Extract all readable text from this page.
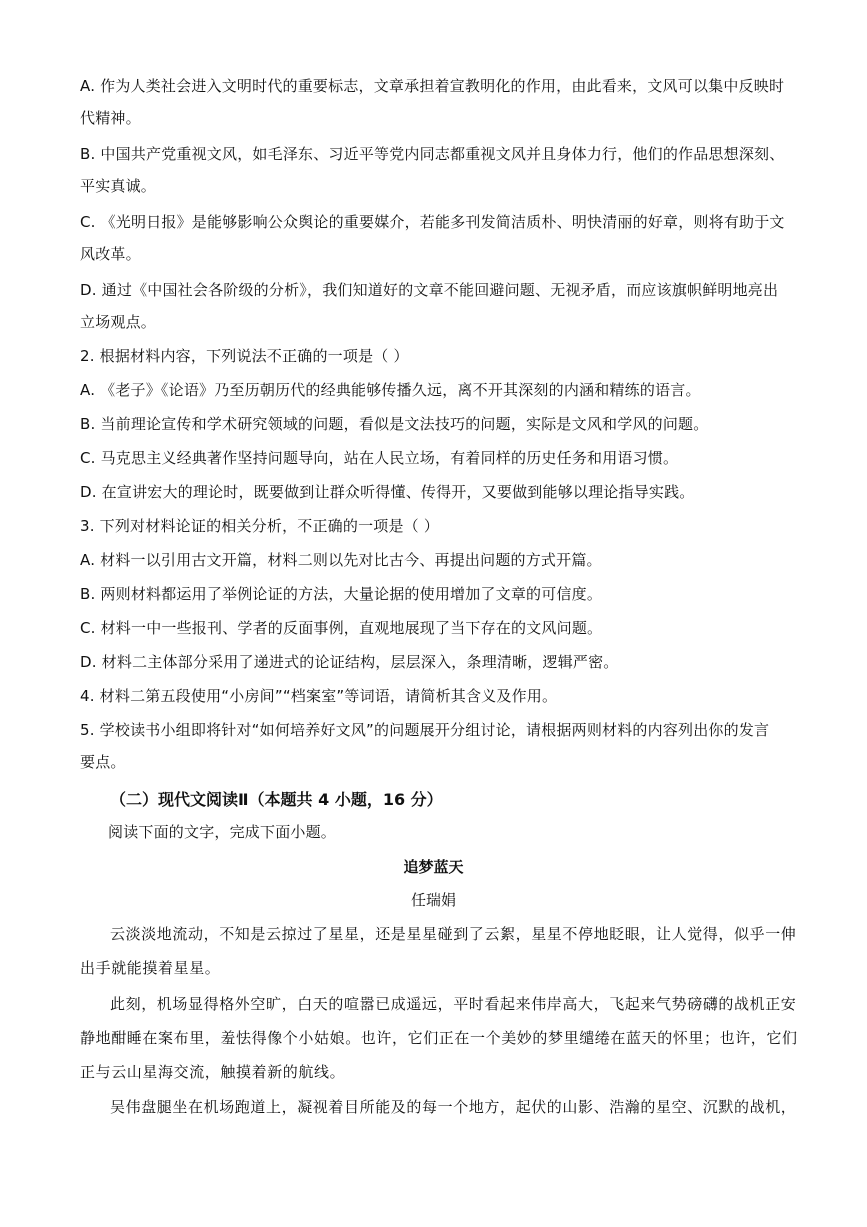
A. 作为人类社会进入文明时代的重要标志，文章承担着宣教明化的作用，由此看来，文风可以集中反映时
代精神。
B. 中国共产党重视文风，如毛泽东、习近平等党内同志都重视文风并且身体力行，他们的作品思想深刻、
平实真诚。
C. 《光明日报》是能够影响公众舆论的重要媒介，若能多刊发简洁质朴、明快清丽的好章，则将有助于文
风改革。
D. 通过《中国社会各阶级的分析》，我们知道好的文章不能回避问题、无视矛盾，而应该旗帜鲜明地亮出
立场观点。
2. 根据材料内容，下列说法不正确的一项是（ ）
A. 《老子》《论语》乃至历朝历代的经典能够传播久远，离不开其深刻的内涵和精练的语言。
B. 当前理论宣传和学术研究领域的问题，看似是文法技巧的问题，实际是文风和学风的问题。
C. 马克思主义经典著作坚持问题导向，站在人民立场，有着同样的历史任务和用语习惯。
D. 在宣讲宏大的理论时，既要做到让群众听得懂、传得开，又要做到能够以理论指导实践。
3. 下列对材料论证的相关分析，不正确的一项是（ ）
A. 材料一以引用古文开篇，材料二则以先对比古今、再提出问题的方式开篇。
B. 两则材料都运用了举例论证的方法，大量论据的使用增加了文章的可信度。
C. 材料一中一些报刊、学者的反面事例，直观地展现了当下存在的文风问题。
D. 材料二主体部分采用了递进式的论证结构，层层深入，条理清晰，逻辑严密。
4. 材料二第五段使用“小房间”“档案室”等词语，请简析其含义及作用。
5. 学校读书小组即将针对“如何培养好文风”的问题展开分组讨论，请根据两则材料的内容列出你的发言
要点。
（二）现代文阅读Ⅱ（本题共 4 小题，16 分）
阅读下面的文字，完成下面小题。
追梦蓝天
任瑞娟
云淡淡地流动，不知是云掠过了星星，还是星星碰到了云絮，星星不停地眨眼，让人觉得，似乎一伸
出手就能摸着星星。
此刻，机场显得格外空旷，白天的喧嚣已成遥远，平时看起来伟岸高大，飞起来气势磅礴的战机正安
静地酣睡在案布里，羞怯得像个小姑娘。也许，它们正在一个美妙的梦里缱绻在蓝天的怀里；也许，它们
正与云山星海交流，触摸着新的航线。
吴伟盘腿坐在机场跑道上，凝视着目所能及的每一个地方，起伏的山影、浩瀚的星空、沉默的战机，
